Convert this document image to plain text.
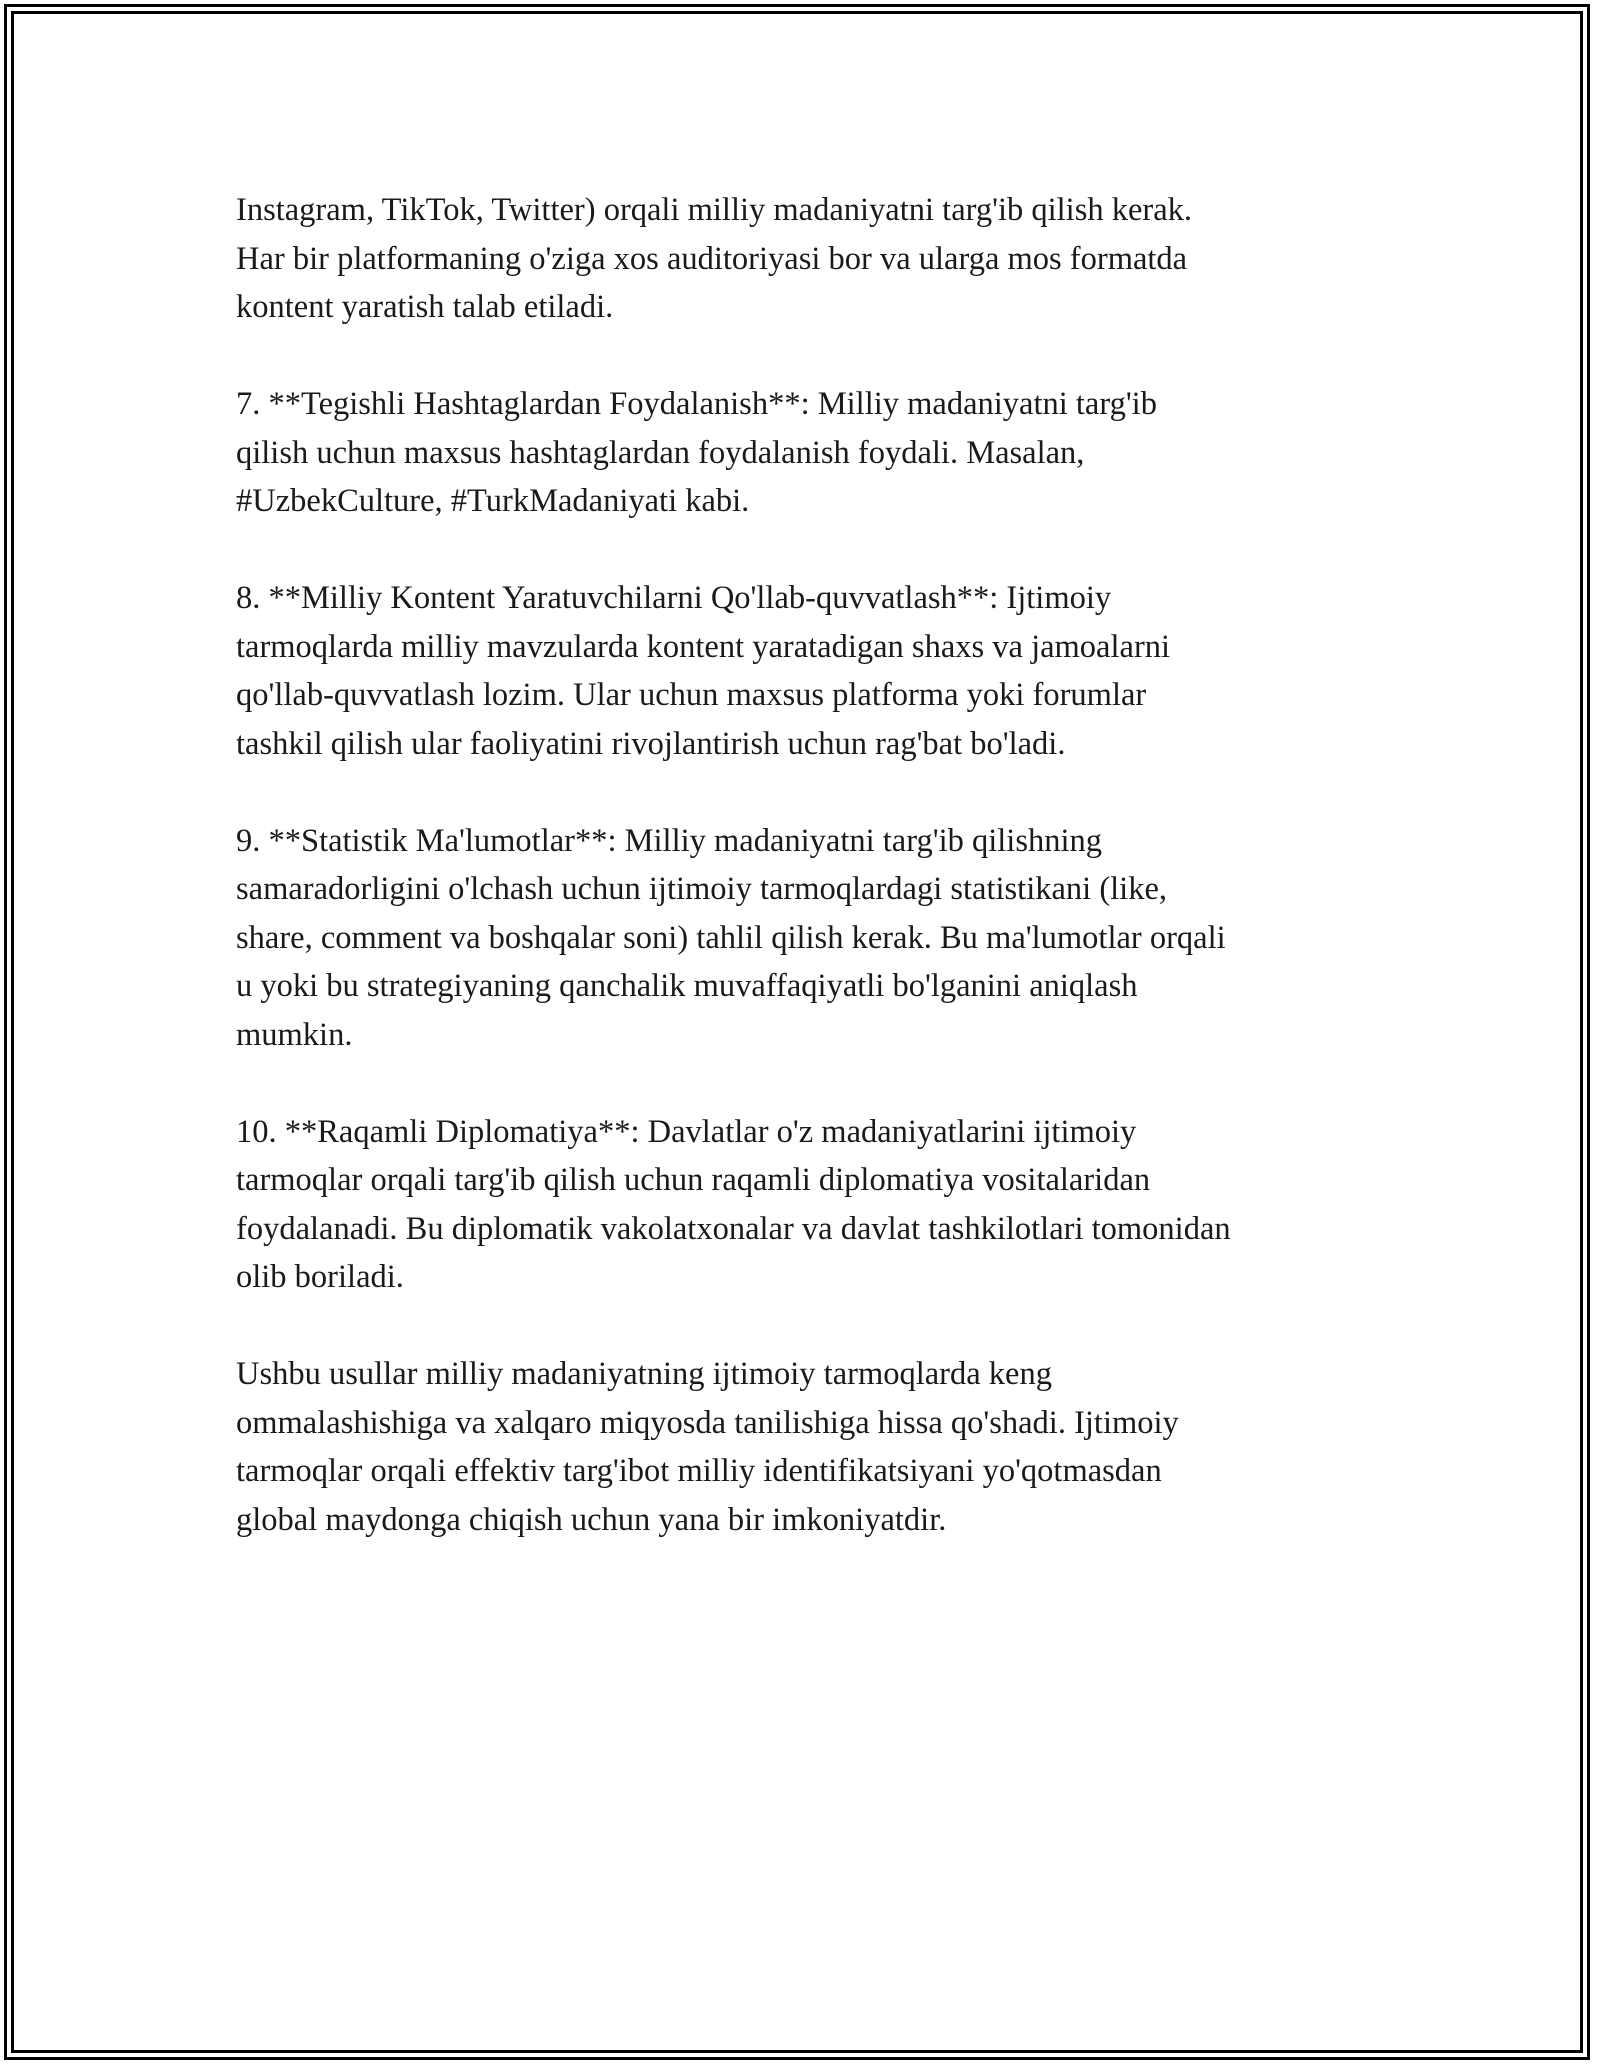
Instagram, TikTok, Twitter) orqali milliy madaniyatni targ'ib qilish kerak.
Har bir platformaning o'ziga xos auditoriyasi bor va ularga mos formatda
kontent yaratish talab etiladi.

7. **Tegishli Hashtaglardan Foydalanish**: Milliy madaniyatni targ'ib
qilish uchun maxsus hashtaglardan foydalanish foydali. Masalan,
#UzbekCulture, #TurkMadaniyati kabi.

8. **Milliy Kontent Yaratuvchilarni Qo'llab-quvvatlash**: Ijtimoiy
tarmoqlarda milliy mavzularda kontent yaratadigan shaxs va jamoalarni
qo'llab-quvvatlash lozim. Ular uchun maxsus platforma yoki forumlar
tashkil qilish ular faoliyatini rivojlantirish uchun rag'bat bo'ladi.

9. **Statistik Ma'lumotlar**: Milliy madaniyatni targ'ib qilishning
samaradorligini o'lchash uchun ijtimoiy tarmoqlardagi statistikani (like,
share, comment va boshqalar soni) tahlil qilish kerak. Bu ma'lumotlar orqali
u yoki bu strategiyaning qanchalik muvaffaqiyatli bo'lganini aniqlash
mumkin.

10. **Raqamli Diplomatiya**: Davlatlar o'z madaniyatlarini ijtimoiy
tarmoqlar orqali targ'ib qilish uchun raqamli diplomatiya vositalaridan
foydalanadi. Bu diplomatik vakolatxonalar va davlat tashkilotlari tomonidan
olib boriladi.

Ushbu usullar milliy madaniyatning ijtimoiy tarmoqlarda keng
ommalashishiga va xalqaro miqyosda tanilishiga hissa qo'shadi. Ijtimoiy
tarmoqlar orqali effektiv targ'ibot milliy identifikatsiyani yo'qotmasdan
global maydonga chiqish uchun yana bir imkoniyatdir.
